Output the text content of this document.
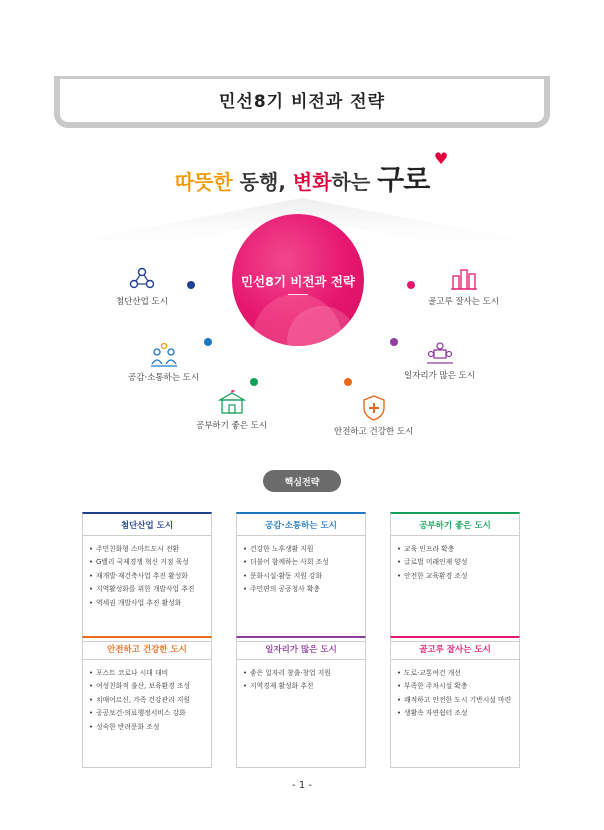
민선8기 비전과 전략
따뜻한 동행, 변화하는 구로
♥
민선8기 비전과 전략
첨단산업 도시
공감·소통하는 도시
공부하기 좋은 도시
안전하고 건강한 도시
일자리가 많은 도시
골고루 잘사는 도시
핵심전략
첨단산업 도시
• 주민친화형 스마트도시 전환
• G밸리 국제경쟁 혁신 거점 육성
• 재개발·재건축사업 추진 활성화
• 지역활성화를 위한 개발사업 추진
• 역세권 개발사업 추진 활성화
공감·소통하는 도시
• 건강한 노후생활 지원
• 더불어 함께하는 사회 조성
• 문화시설·활동 지원 강화
• 주민편의 공공청사 확충
공부하기 좋은 도시
• 교육 인프라 확충
• 글로벌 미래인재 양성
• 안전한 교육환경 조성
안전하고 건강한 도시
• 포스트 코로나 시대 대비
• 여성친화적 출산, 보육환경 조성
• 치매어르신, 가족 건강관리 지원
• 공공보건·의료행정서비스 강화
• 성숙한 반려문화 조성
일자리가 많은 도시
• 좋은 일자리 창출·창업 지원
• 지역경제 활성화 추진
골고루 잘사는 도시
• 도로·교통여건 개선
• 부족한 주차시설 확충
• 쾌적하고 안전한 도시 기반시설 마련
• 생활속 자연쉼터 조성
- 1 -
